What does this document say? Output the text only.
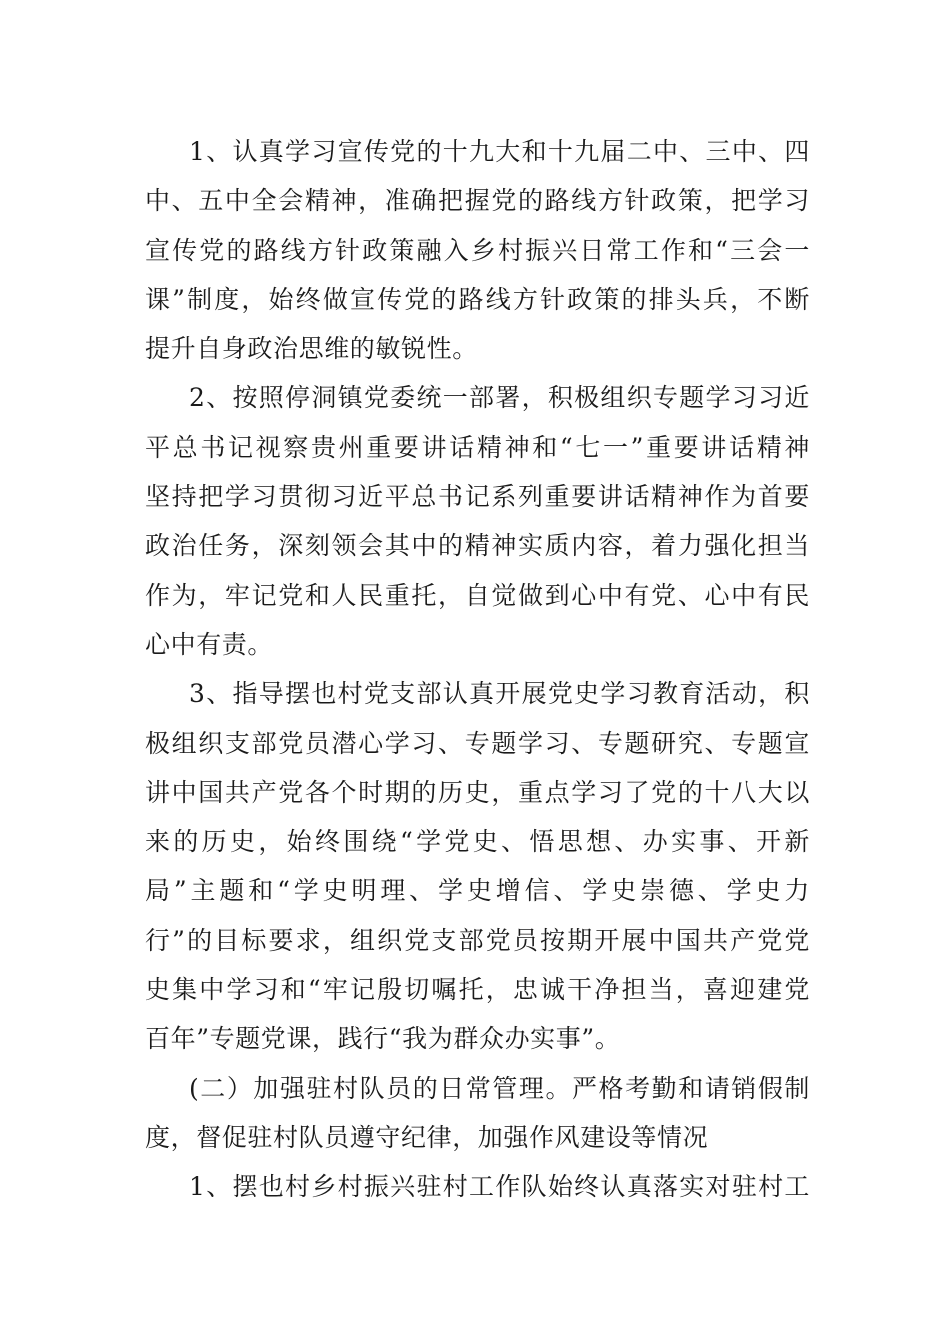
1、认真学习宣传党的十九大和十九届二中、三中、四
中、五中全会精神，准确把握党的路线方针政策，把学习
宣传党的路线方针政策融入乡村振兴日常工作和“三会一
课”制度，始终做宣传党的路线方针政策的排头兵，不断
提升自身政治思维的敏锐性。
2、按照停洞镇党委统一部署，积极组织专题学习习近
平总书记视察贵州重要讲话精神和“七一”重要讲话精神
坚持把学习贯彻习近平总书记系列重要讲话精神作为首要
政治任务，深刻领会其中的精神实质内容，着力强化担当
作为，牢记党和人民重托，自觉做到心中有党、心中有民
心中有责。
3、指导摆也村党支部认真开展党史学习教育活动，积
极组织支部党员潜心学习、专题学习、专题研究、专题宣
讲中国共产党各个时期的历史，重点学习了党的十八大以
来的历史，始终围绕“学党史、悟思想、办实事、开新
局”主题和“学史明理、学史增信、学史崇德、学史力
行”的目标要求，组织党支部党员按期开展中国共产党党
史集中学习和“牢记殷切嘱托，忠诚干净担当，喜迎建党
百年”专题党课，践行“我为群众办实事”。
(二）加强驻村队员的日常管理。严格考勤和请销假制
度，督促驻村队员遵守纪律，加强作风建设等情况
1、摆也村乡村振兴驻村工作队始终认真落实对驻村工
